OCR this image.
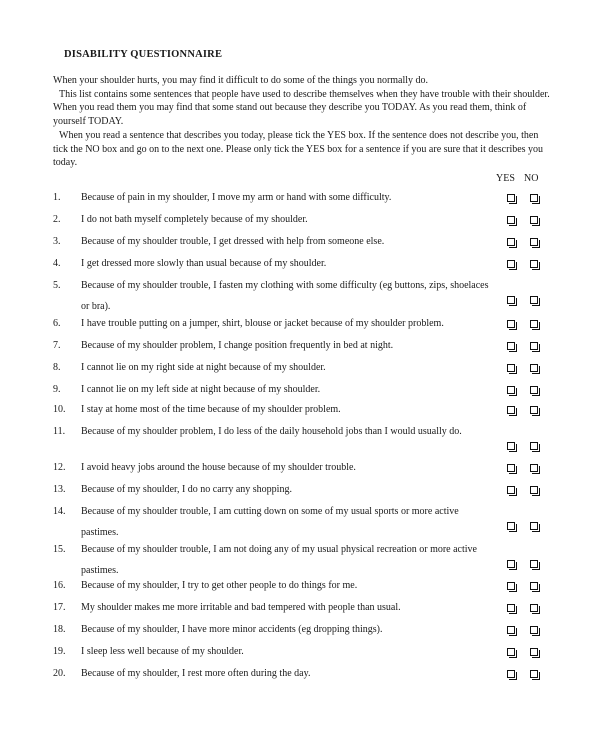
DISABILITY QUESTIONNAIRE

When your shoulder hurts, you may find it difficult to do some of the things you normally do.

This list contains some sentences that people have used to describe themselves when they have trouble with their shoulder. When you read them you may find that some stand out because they describe you TODAY. As you read them, think of yourself TODAY.

When you read a sentence that describes you today, please tick the YES box. If the sentence does not describe you, then tick the NO box and go on to the next one. Please only tick the YES box for a sentence if you are sure that it describes you today.

YES NO
1. Because of pain in my shoulder, I move my arm or hand with some difficulty.
2. I do not bath myself completely because of my shoulder.
3. Because of my shoulder trouble, I get dressed with help from someone else.
4. I get dressed more slowly than usual because of my shoulder.
5. Because of my shoulder trouble, I fasten my clothing with some difficulty (eg buttons, zips, shoelaces or bra).
6. I have trouble putting on a jumper, shirt, blouse or jacket because of my shoulder problem.
7. Because of my shoulder problem, I change position frequently in bed at night.
8. I cannot lie on my right side at night because of my shoulder.
9. I cannot lie on my left side at night because of my shoulder.
10. I stay at home most of the time because of my shoulder problem.
11. Because of my shoulder problem, I do less of the daily household jobs than I would usually do.
12. I avoid heavy jobs around the house because of my shoulder trouble.
13. Because of my shoulder, I do no carry any shopping.
14. Because of my shoulder trouble, I am cutting down on some of my usual sports or more active pastimes.
15. Because of my shoulder trouble, I am not doing any of my usual physical recreation or more active pastimes.
16. Because of my shoulder, I try to get other people to do things for me.
17. My shoulder makes me more irritable and bad tempered with people than usual.
18. Because of my shoulder, I have more minor accidents (eg dropping things).
19. I sleep less well because of my shoulder.
20. Because of my shoulder, I rest more often during the day.
